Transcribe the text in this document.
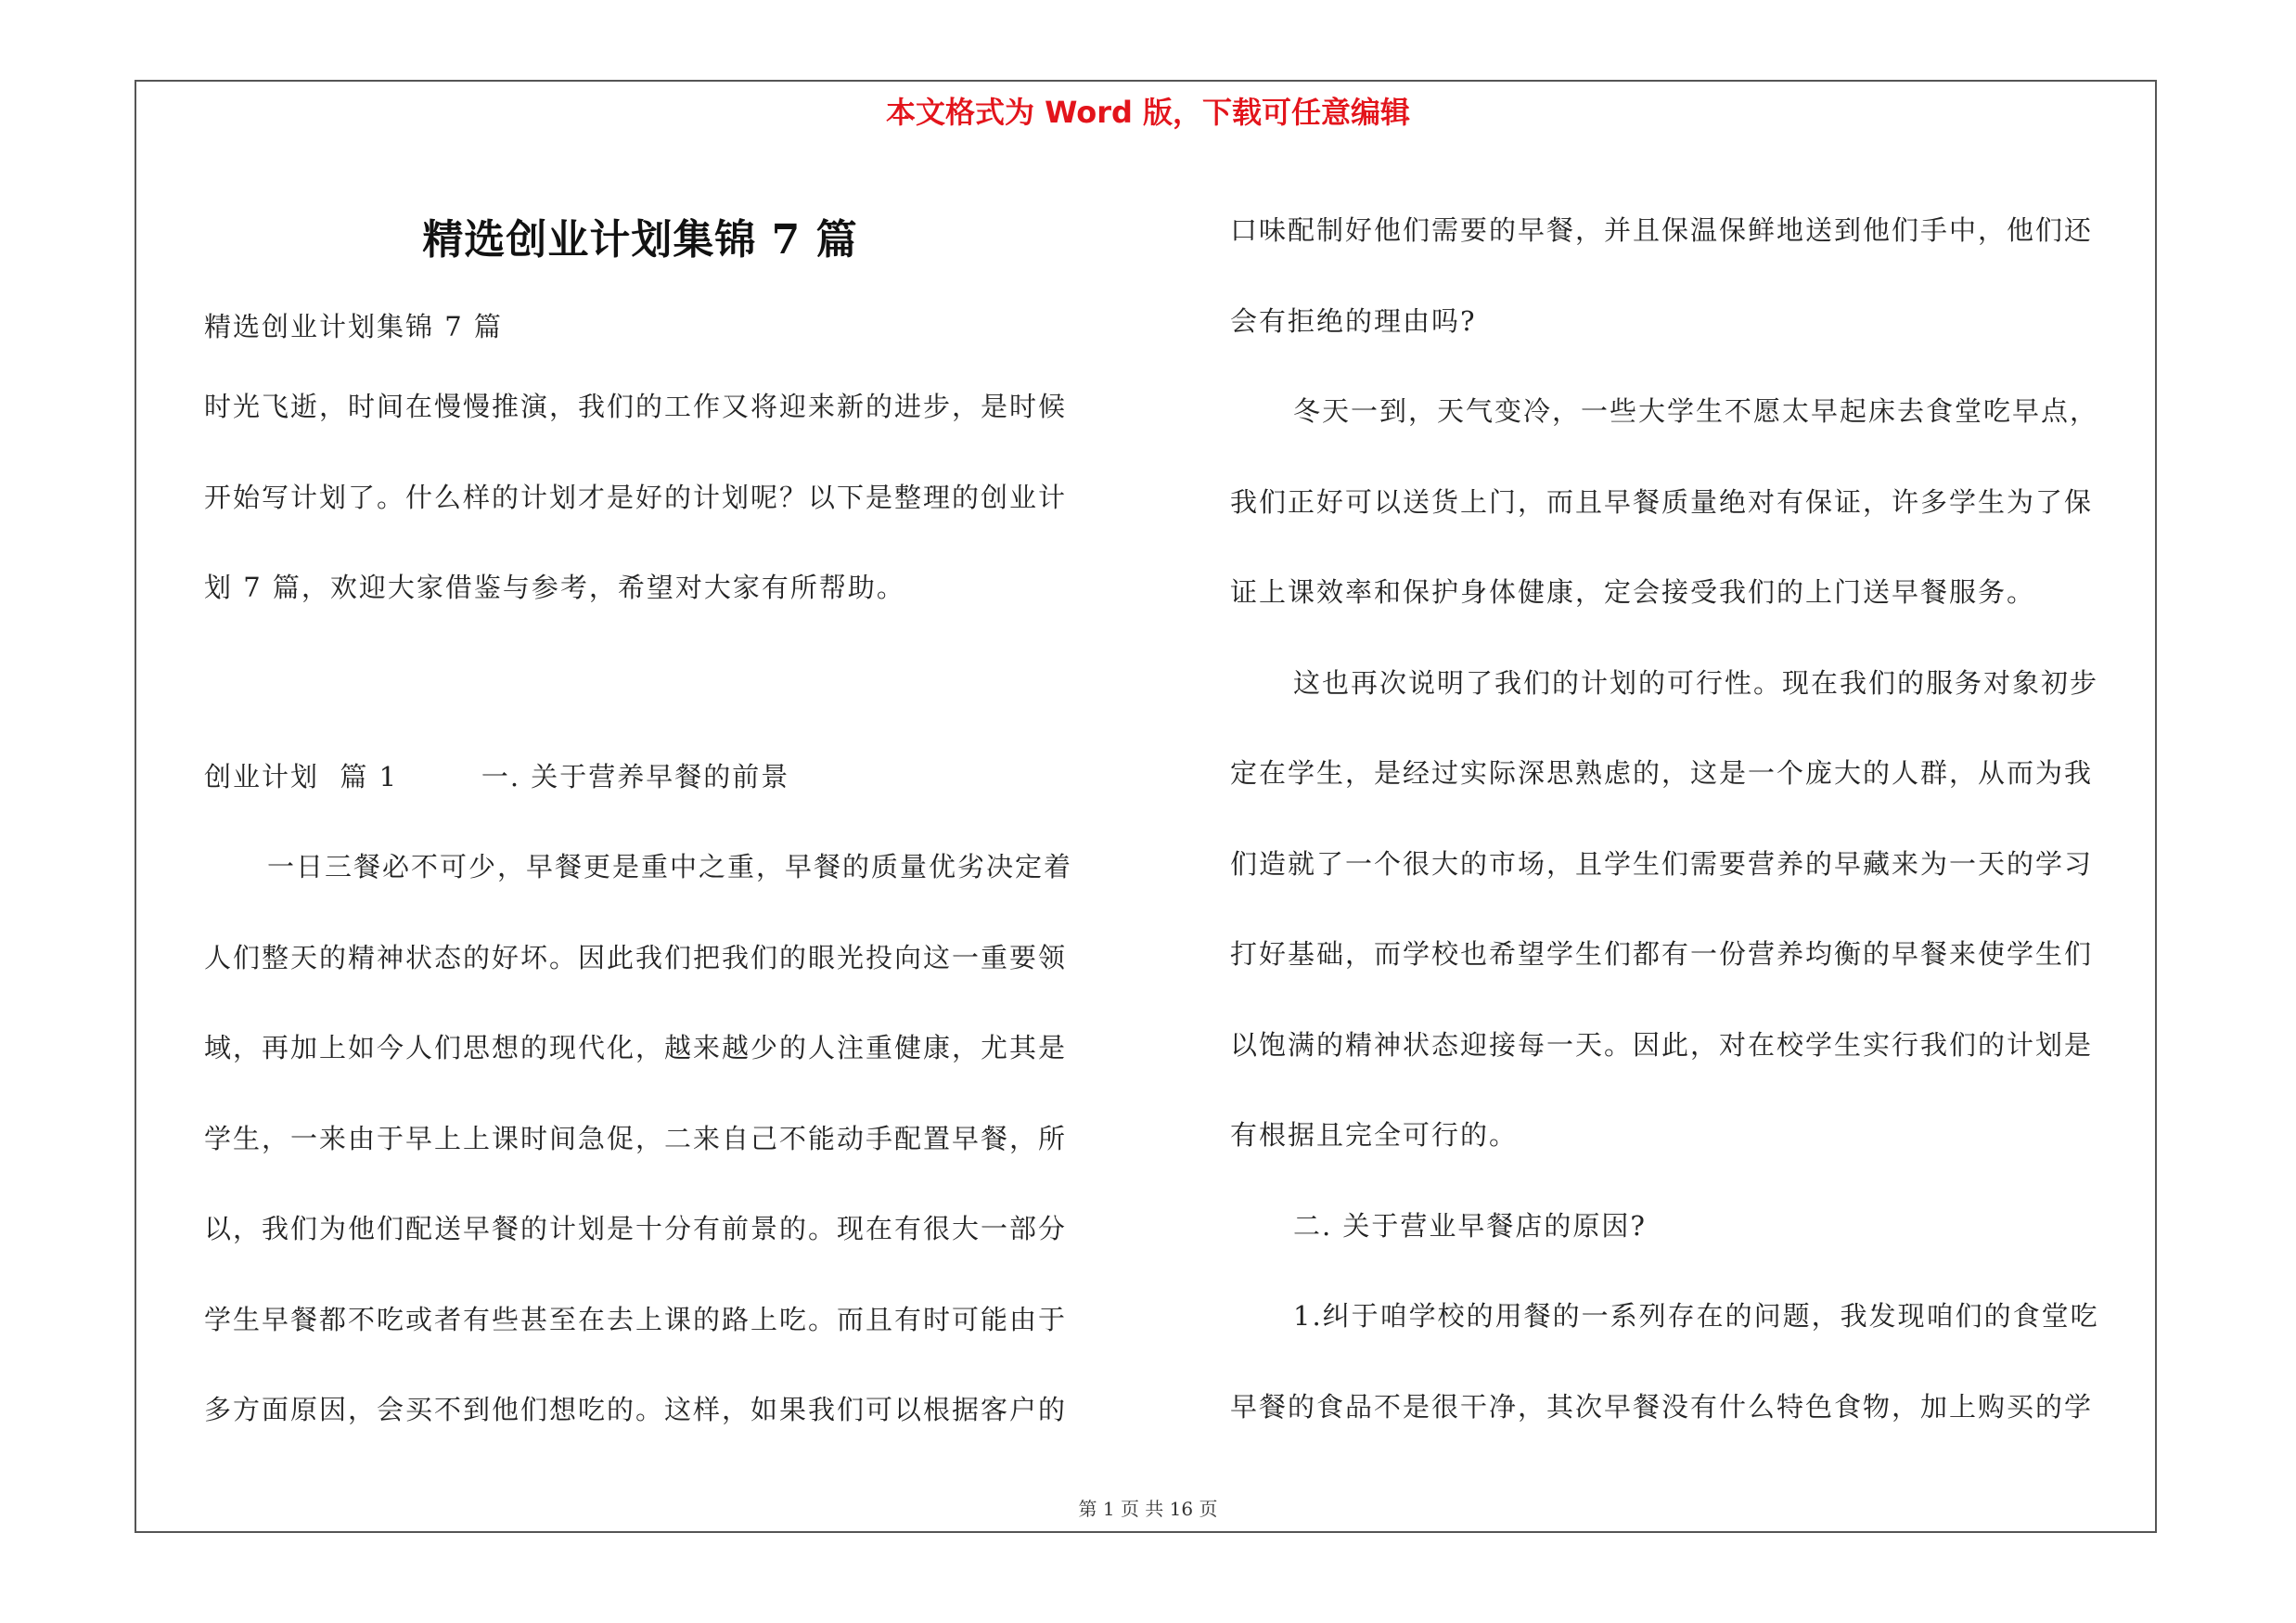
本文格式为 Word 版，下载可任意编辑
精选创业计划集锦 7 篇

精选创业计划集锦 7 篇

时光飞逝，时间在慢慢推演，我们的工作又将迎来新的进步，是时候

开始写计划了。什么样的计划才是好的计划呢？以下是整理的创业计

划 7 篇，欢迎大家借鉴与参考，希望对大家有所帮助。

创业计划  篇 1        一. 关于营养早餐的前景

一日三餐必不可少，早餐更是重中之重，早餐的质量优劣决定着

人们整天的精神状态的好坏。因此我们把我们的眼光投向这一重要领

域，再加上如今人们思想的现代化，越来越少的人注重健康，尤其是

学生，一来由于早上上课时间急促，二来自己不能动手配置早餐，所

以，我们为他们配送早餐的计划是十分有前景的。现在有很大一部分

学生早餐都不吃或者有些甚至在去上课的路上吃。而且有时可能由于

多方面原因，会买不到他们想吃的。这样，如果我们可以根据客户的

口味配制好他们需要的早餐，并且保温保鲜地送到他们手中，他们还

会有拒绝的理由吗?

冬天一到，天气变冷，一些大学生不愿太早起床去食堂吃早点，

我们正好可以送货上门，而且早餐质量绝对有保证，许多学生为了保

证上课效率和保护身体健康，定会接受我们的上门送早餐服务。

这也再次说明了我们的计划的可行性。现在我们的服务对象初步

定在学生，是经过实际深思熟虑的，这是一个庞大的人群，从而为我

们造就了一个很大的市场，且学生们需要营养的早藏来为一天的学习

打好基础，而学校也希望学生们都有一份营养均衡的早餐来使学生们

以饱满的精神状态迎接每一天。因此，对在校学生实行我们的计划是

有根据且完全可行的。

二. 关于营业早餐店的原因?

1.纠于咱学校的用餐的一系列存在的问题，我发现咱们的食堂吃

早餐的食品不是很干净，其次早餐没有什么特色食物，加上购买的学

第 1 页 共 16 页
